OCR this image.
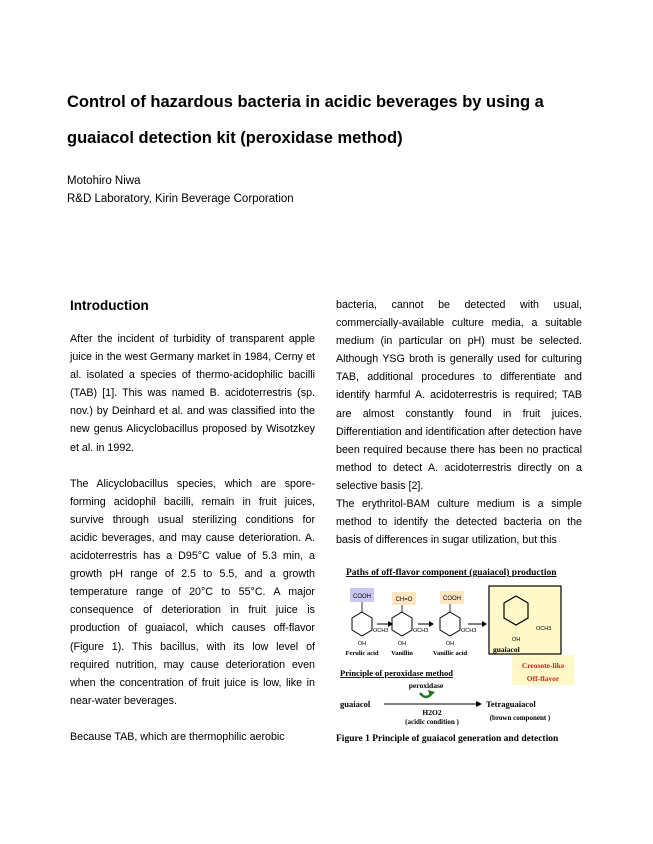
Control of hazardous bacteria in acidic beverages by using a guaiacol detection kit (peroxidase method)
Motohiro Niwa
R&D Laboratory, Kirin Beverage Corporation

Introduction

After the incident of turbidity of transparent apple juice in the west Germany market in 1984, Cerny et al. isolated a species of thermo-acidophilic bacilli (TAB) [1]. This was named B. acidoterrestris (sp. nov.) by Deinhard et al. and was classified into the new genus Alicyclobacillus proposed by Wisotzkey et al. in 1992.

The Alicyclobacillus species, which are spore-forming acidophil bacilli, remain in fruit juices, survive through usual sterilizing conditions for acidic beverages, and may cause deterioration. A. acidoterrestris has a D95°C value of 5.3 min, a growth pH range of 2.5 to 5.5, and a growth temperature range of 20°C to 55°C. A major consequence of deterioration in fruit juice is production of guaiacol, which causes off-flavor (Figure 1). This bacillus, with its low level of required nutrition, may cause deterioration even when the concentration of fruit juice is low, like in near-water beverages.

Because TAB, which are thermophilic aerobic

bacteria, cannot be detected with usual, commercially-available culture media, a suitable medium (in particular on pH) must be selected. Although YSG broth is generally used for culturing TAB, additional procedures to differentiate and identify harmful A. acidoterrestris is required; TAB are almost constantly found in fruit juices. Differentiation and identification after detection have been required because there has been no practical method to detect A. acidoterrestris directly on a selective basis [2].

The erythritol-BAM culture medium is a simple method to identify the detected bacteria on the basis of differences in sugar utilization, but this

Paths of off-flavor component (guaiacol) production
COOH
OCH3
OH
Ferulic acid
CH=O
OCH3
OH
Vanillin
COOH
OCH3
OH
Vanillic acid
OCH3
OH
guaiacol
Creosote-like
Off-flavor
Principle of peroxidase method
peroxidase
guaiacol	Tetraguaiacol
H2O2
(acidic condition )	(brown component )
Figure 1 Principle of guaiacol generation and detection
